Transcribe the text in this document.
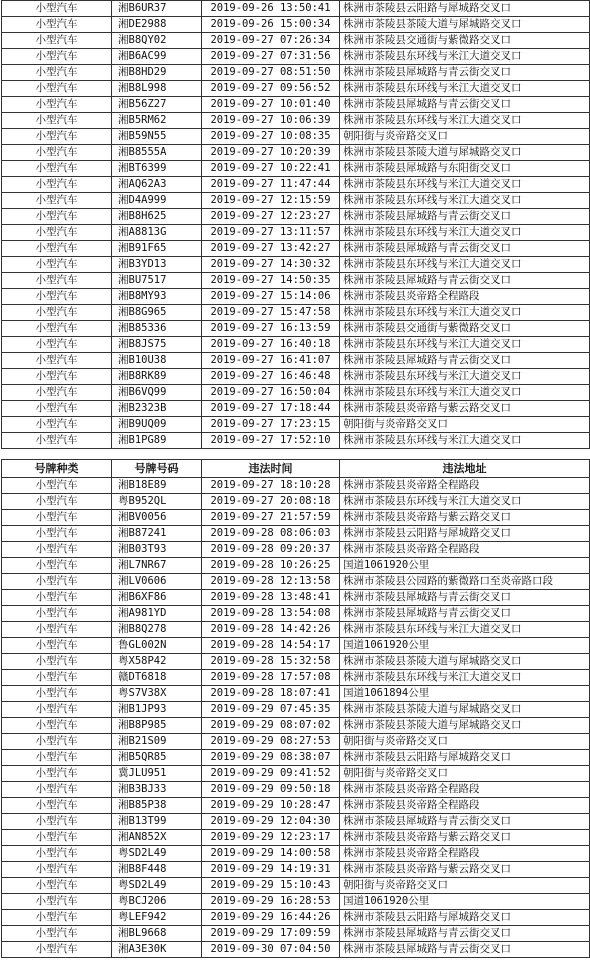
小型汽车	湘B6UR37	2019-09-26 13:50:41	株洲市茶陵县云阳路与犀城路交叉口
小型汽车	湘DE2988	2019-09-26 15:00:34	株洲市茶陵县茶陵大道与犀城路交叉口
小型汽车	湘B8QY02	2019-09-27 07:26:34	株洲市茶陵县交通街与紫微路交叉口
小型汽车	湘B6AC99	2019-09-27 07:31:56	株洲市茶陵县东环线与米江大道交叉口
小型汽车	湘B8HD29	2019-09-27 08:51:50	株洲市茶陵县犀城路与青云街交叉口
小型汽车	湘B8L998	2019-09-27 09:56:52	株洲市茶陵县东环线与米江大道交叉口
小型汽车	湘B56Z27	2019-09-27 10:01:40	株洲市茶陵县犀城路与青云街交叉口
小型汽车	湘B5RM62	2019-09-27 10:06:39	株洲市茶陵县东环线与米江大道交叉口
小型汽车	湘B59N55	2019-09-27 10:08:35	朝阳街与炎帝路交叉口
小型汽车	湘B8555A	2019-09-27 10:20:39	株洲市茶陵县茶陵大道与犀城路交叉口
小型汽车	湘BT6399	2019-09-27 10:22:41	株洲市茶陵县犀城路与东阳街交叉口
小型汽车	湘AQ62A3	2019-09-27 11:47:44	株洲市茶陵县东环线与米江大道交叉口
小型汽车	湘D4A999	2019-09-27 12:15:59	株洲市茶陵县东环线与米江大道交叉口
小型汽车	湘B8H625	2019-09-27 12:23:27	株洲市茶陵县犀城路与青云街交叉口
小型汽车	湘A8813G	2019-09-27 13:11:57	株洲市茶陵县东环线与米江大道交叉口
小型汽车	湘B91F65	2019-09-27 13:42:27	株洲市茶陵县犀城路与青云街交叉口
小型汽车	湘B3YD13	2019-09-27 14:30:32	株洲市茶陵县东环线与米江大道交叉口
小型汽车	湘BU7517	2019-09-27 14:50:35	株洲市茶陵县犀城路与青云街交叉口
小型汽车	湘B8MY93	2019-09-27 15:14:06	株洲市茶陵县炎帝路全程路段
小型汽车	湘B8G965	2019-09-27 15:47:58	株洲市茶陵县东环线与米江大道交叉口
小型汽车	湘B85336	2019-09-27 16:13:59	株洲市茶陵县交通街与紫微路交叉口
小型汽车	湘B8JS75	2019-09-27 16:40:18	株洲市茶陵县东环线与米江大道交叉口
小型汽车	湘B10U38	2019-09-27 16:41:07	株洲市茶陵县犀城路与青云街交叉口
小型汽车	湘B8RK89	2019-09-27 16:46:48	株洲市茶陵县东环线与米江大道交叉口
小型汽车	湘B6VQ99	2019-09-27 16:50:04	株洲市茶陵县东环线与米江大道交叉口
小型汽车	湘B2323B	2019-09-27 17:18:44	株洲市茶陵县炎帝路与紫云路交叉口
小型汽车	湘B9UQ09	2019-09-27 17:23:15	朝阳街与炎帝路交叉口
小型汽车	湘B1PG89	2019-09-27 17:52:10	株洲市茶陵县东环线与米江大道交叉口
号牌种类	号牌号码	违法时间	违法地址
小型汽车	湘B18E89	2019-09-27 18:10:28	株洲市茶陵县炎帝路全程路段
小型汽车	粤B952QL	2019-09-27 20:08:18	株洲市茶陵县东环线与米江大道交叉口
小型汽车	湘BV0056	2019-09-27 21:57:59	株洲市茶陵县炎帝路与紫云路交叉口
小型汽车	湘B87241	2019-09-28 08:06:03	株洲市茶陵县云阳路与犀城路交叉口
小型汽车	湘B03T93	2019-09-28 09:20:37	株洲市茶陵县炎帝路全程路段
小型汽车	湘L7NR67	2019-09-28 10:26:25	国道1061920公里
小型汽车	湘LV0606	2019-09-28 12:13:58	株洲市茶陵县公园路的紫微路口至炎帝路口段
小型汽车	湘B6XF86	2019-09-28 13:48:41	株洲市茶陵县犀城路与青云街交叉口
小型汽车	湘A981YD	2019-09-28 13:54:08	株洲市茶陵县犀城路与青云街交叉口
小型汽车	湘B8Q278	2019-09-28 14:42:26	株洲市茶陵县东环线与米江大道交叉口
小型汽车	鲁GL002N	2019-09-28 14:54:17	国道1061920公里
小型汽车	粤X58P42	2019-09-28 15:32:58	株洲市茶陵县茶陵大道与犀城路交叉口
小型汽车	赣DT6818	2019-09-28 17:57:08	株洲市茶陵县东环线与米江大道交叉口
小型汽车	粤S7V38X	2019-09-28 18:07:41	国道1061894公里
小型汽车	湘B1JP93	2019-09-29 07:45:35	株洲市茶陵县茶陵大道与犀城路交叉口
小型汽车	湘B8P985	2019-09-29 08:07:02	株洲市茶陵县茶陵大道与犀城路交叉口
小型汽车	湘B21S09	2019-09-29 08:27:53	朝阳街与炎帝路交叉口
小型汽车	湘B5QR85	2019-09-29 08:38:07	株洲市茶陵县云阳路与犀城路交叉口
小型汽车	冀JLU951	2019-09-29 09:41:52	朝阳街与炎帝路交叉口
小型汽车	湘B3BJ33	2019-09-29 09:50:18	株洲市茶陵县炎帝路全程路段
小型汽车	湘B85P38	2019-09-29 10:28:47	株洲市茶陵县炎帝路全程路段
小型汽车	湘B13T99	2019-09-29 12:04:30	株洲市茶陵县犀城路与青云街交叉口
小型汽车	湘AN852X	2019-09-29 12:23:17	株洲市茶陵县炎帝路与紫云路交叉口
小型汽车	粤SD2L49	2019-09-29 14:00:58	株洲市茶陵县炎帝路全程路段
小型汽车	湘B8F448	2019-09-29 14:19:31	株洲市茶陵县炎帝路与紫云路交叉口
小型汽车	粤SD2L49	2019-09-29 15:10:43	朝阳街与炎帝路交叉口
小型汽车	粤BCJ206	2019-09-29 16:28:53	国道1061920公里
小型汽车	粤LEF942	2019-09-29 16:44:26	株洲市茶陵县云阳路与犀城路交叉口
小型汽车	湘BL9668	2019-09-29 17:09:59	株洲市茶陵县犀城路与青云街交叉口
小型汽车	湘A3E30K	2019-09-30 07:04:50	株洲市茶陵县犀城路与青云街交叉口
